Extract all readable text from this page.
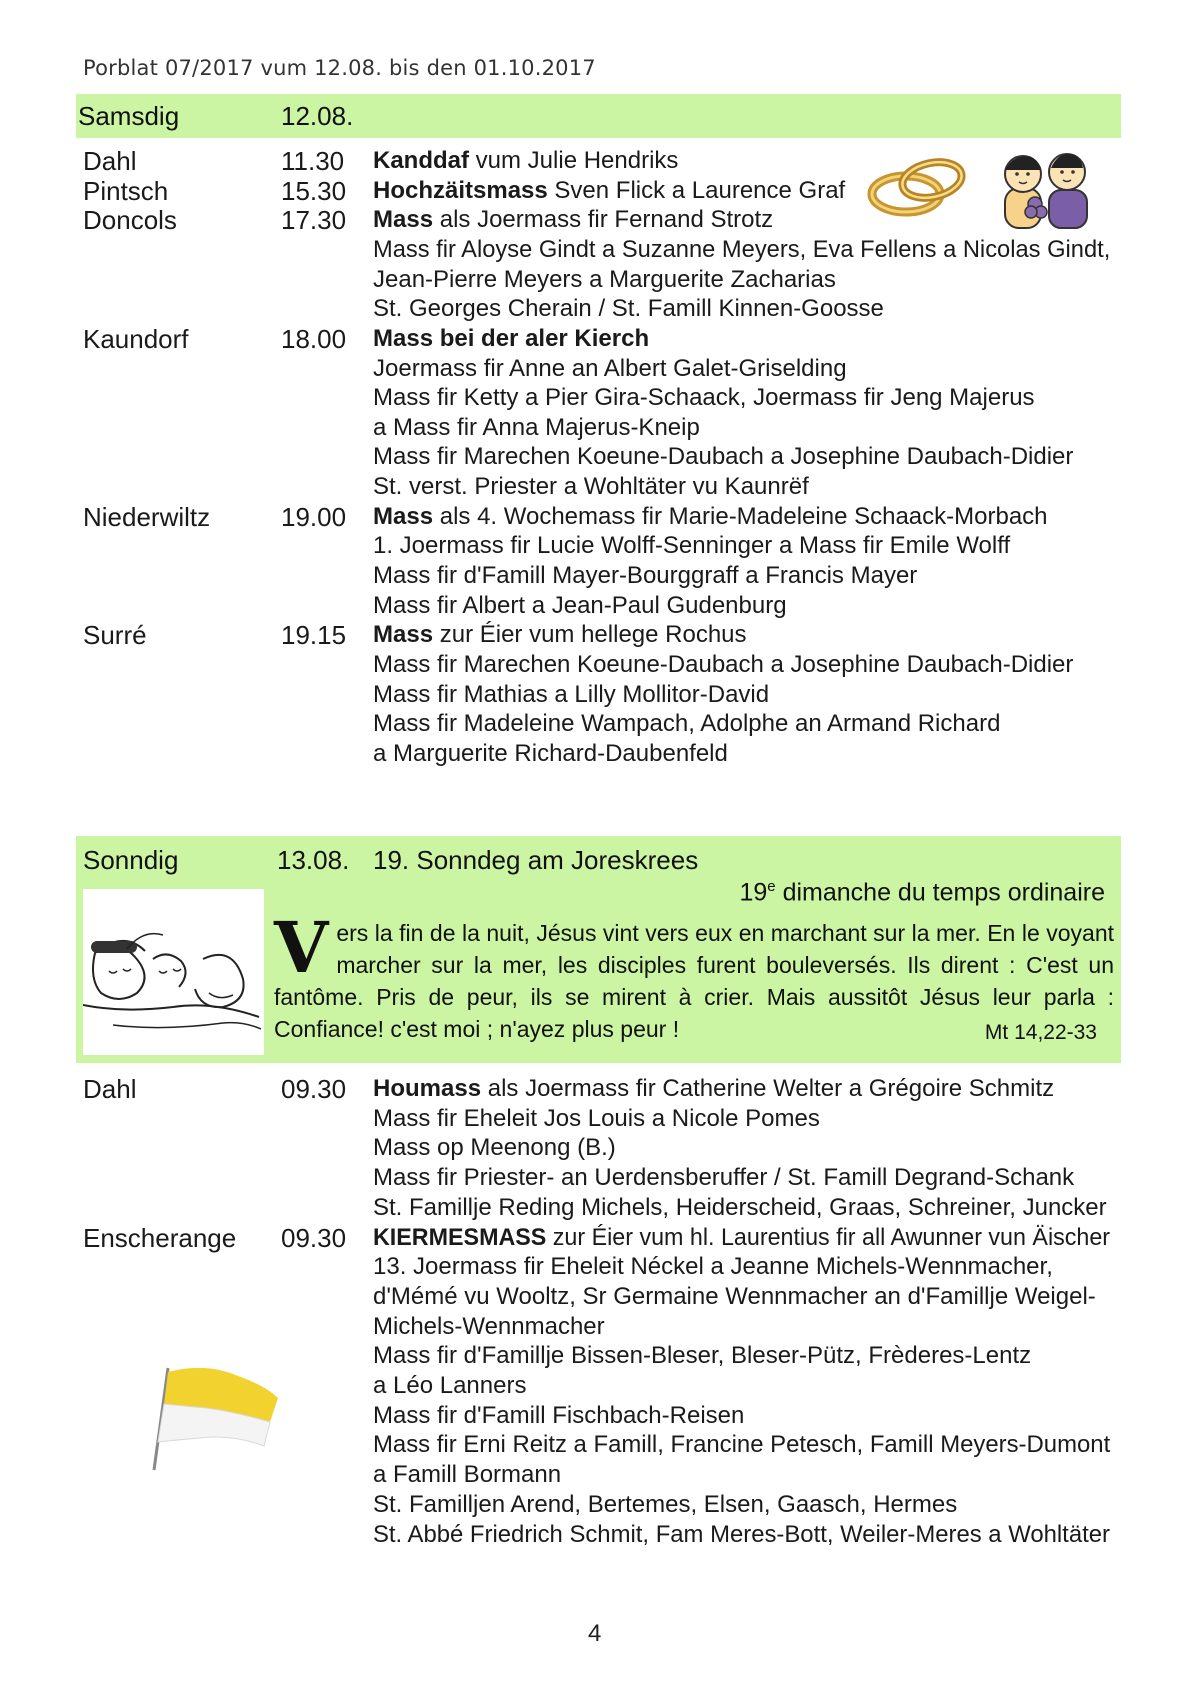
Porblat 07/2017 vum 12.08. bis den 01.10.2017
Samsdig	12.08.
Dahl	11.30 Kanddaf vum Julie Hendriks
Pintsch	15.30 Hochzäitsmass Sven Flick a Laurence Graf
Doncols	17.30 Mass als Joermass fir Fernand Strotz
Mass fir Aloyse Gindt a Suzanne Meyers, Eva Fellens a Nicolas Gindt,
Jean-Pierre Meyers a Marguerite Zacharias
St. Georges Cherain / St. Famill Kinnen-Goosse
Kaundorf	18.00 Mass bei der aler Kierch
Joermass fir Anne an Albert Galet-Griselding
Mass fir Ketty a Pier Gira-Schaack, Joermass fir Jeng Majerus
a Mass fir Anna Majerus-Kneip
Mass fir Marechen Koeune-Daubach a Josephine Daubach-Didier
St. verst. Priester a Wohltäter vu Kaunrëf
Niederwiltz	19.00 Mass als 4. Wochemass fir Marie-Madeleine Schaack-Morbach
1. Joermass fir Lucie Wolff-Senninger a Mass fir Emile Wolff
Mass fir d'Famill Mayer-Bourggraff a Francis Mayer
Mass fir Albert a Jean-Paul Gudenburg
Surré	19.15 Mass zur Éier vum hellege Rochus
Mass fir Marechen Koeune-Daubach a Josephine Daubach-Didier
Mass fir Mathias a Lilly Mollitor-David
Mass fir Madeleine Wampach, Adolphe an Armand Richard
a Marguerite Richard-Daubenfeld
Sonndig	13.08. 19. Sonndeg am Joreskrees
19e dimanche du temps ordinaire
V ers la fin de la nuit, Jésus vint vers eux en marchant sur la mer. En le voyant marcher sur la mer, les disciples furent bouleversés. Ils dirent : C'est un fantôme. Pris de peur, ils se mirent à crier. Mais aussitôt Jésus leur parla : Confiance! c'est moi ; n'ayez plus peur !	Mt 14,22-33
Dahl	09.30 Houmass als Joermass fir Catherine Welter a Grégoire Schmitz
Mass fir Eheleit Jos Louis a Nicole Pomes
Mass op Meenong (B.)
Mass fir Priester- an Uerdensberuffer / St. Famill Degrand-Schank
St. Famillje Reding Michels, Heiderscheid, Graas, Schreiner, Juncker
Enscherange 09.30 KIERMESMASS zur Éier vum hl. Laurentius fir all Awunner vun Äischer
13. Joermass fir Eheleit Néckel a Jeanne Michels-Wennmacher,
d'Mémé vu Wooltz, Sr Germaine Wennmacher an d'Famillje Weigel-
Michels-Wennmacher
Mass fir d'Famillje Bissen-Bleser, Bleser-Pütz, Frèderes-Lentz
a Léo Lanners
Mass fir d'Famill Fischbach-Reisen
Mass fir Erni Reitz a Famill, Francine Petesch, Famill Meyers-Dumont
a Famill Bormann
St. Familljen Arend, Bertemes, Elsen, Gaasch, Hermes
St. Abbé Friedrich Schmit, Fam Meres-Bott, Weiler-Meres a Wohltäter
4
